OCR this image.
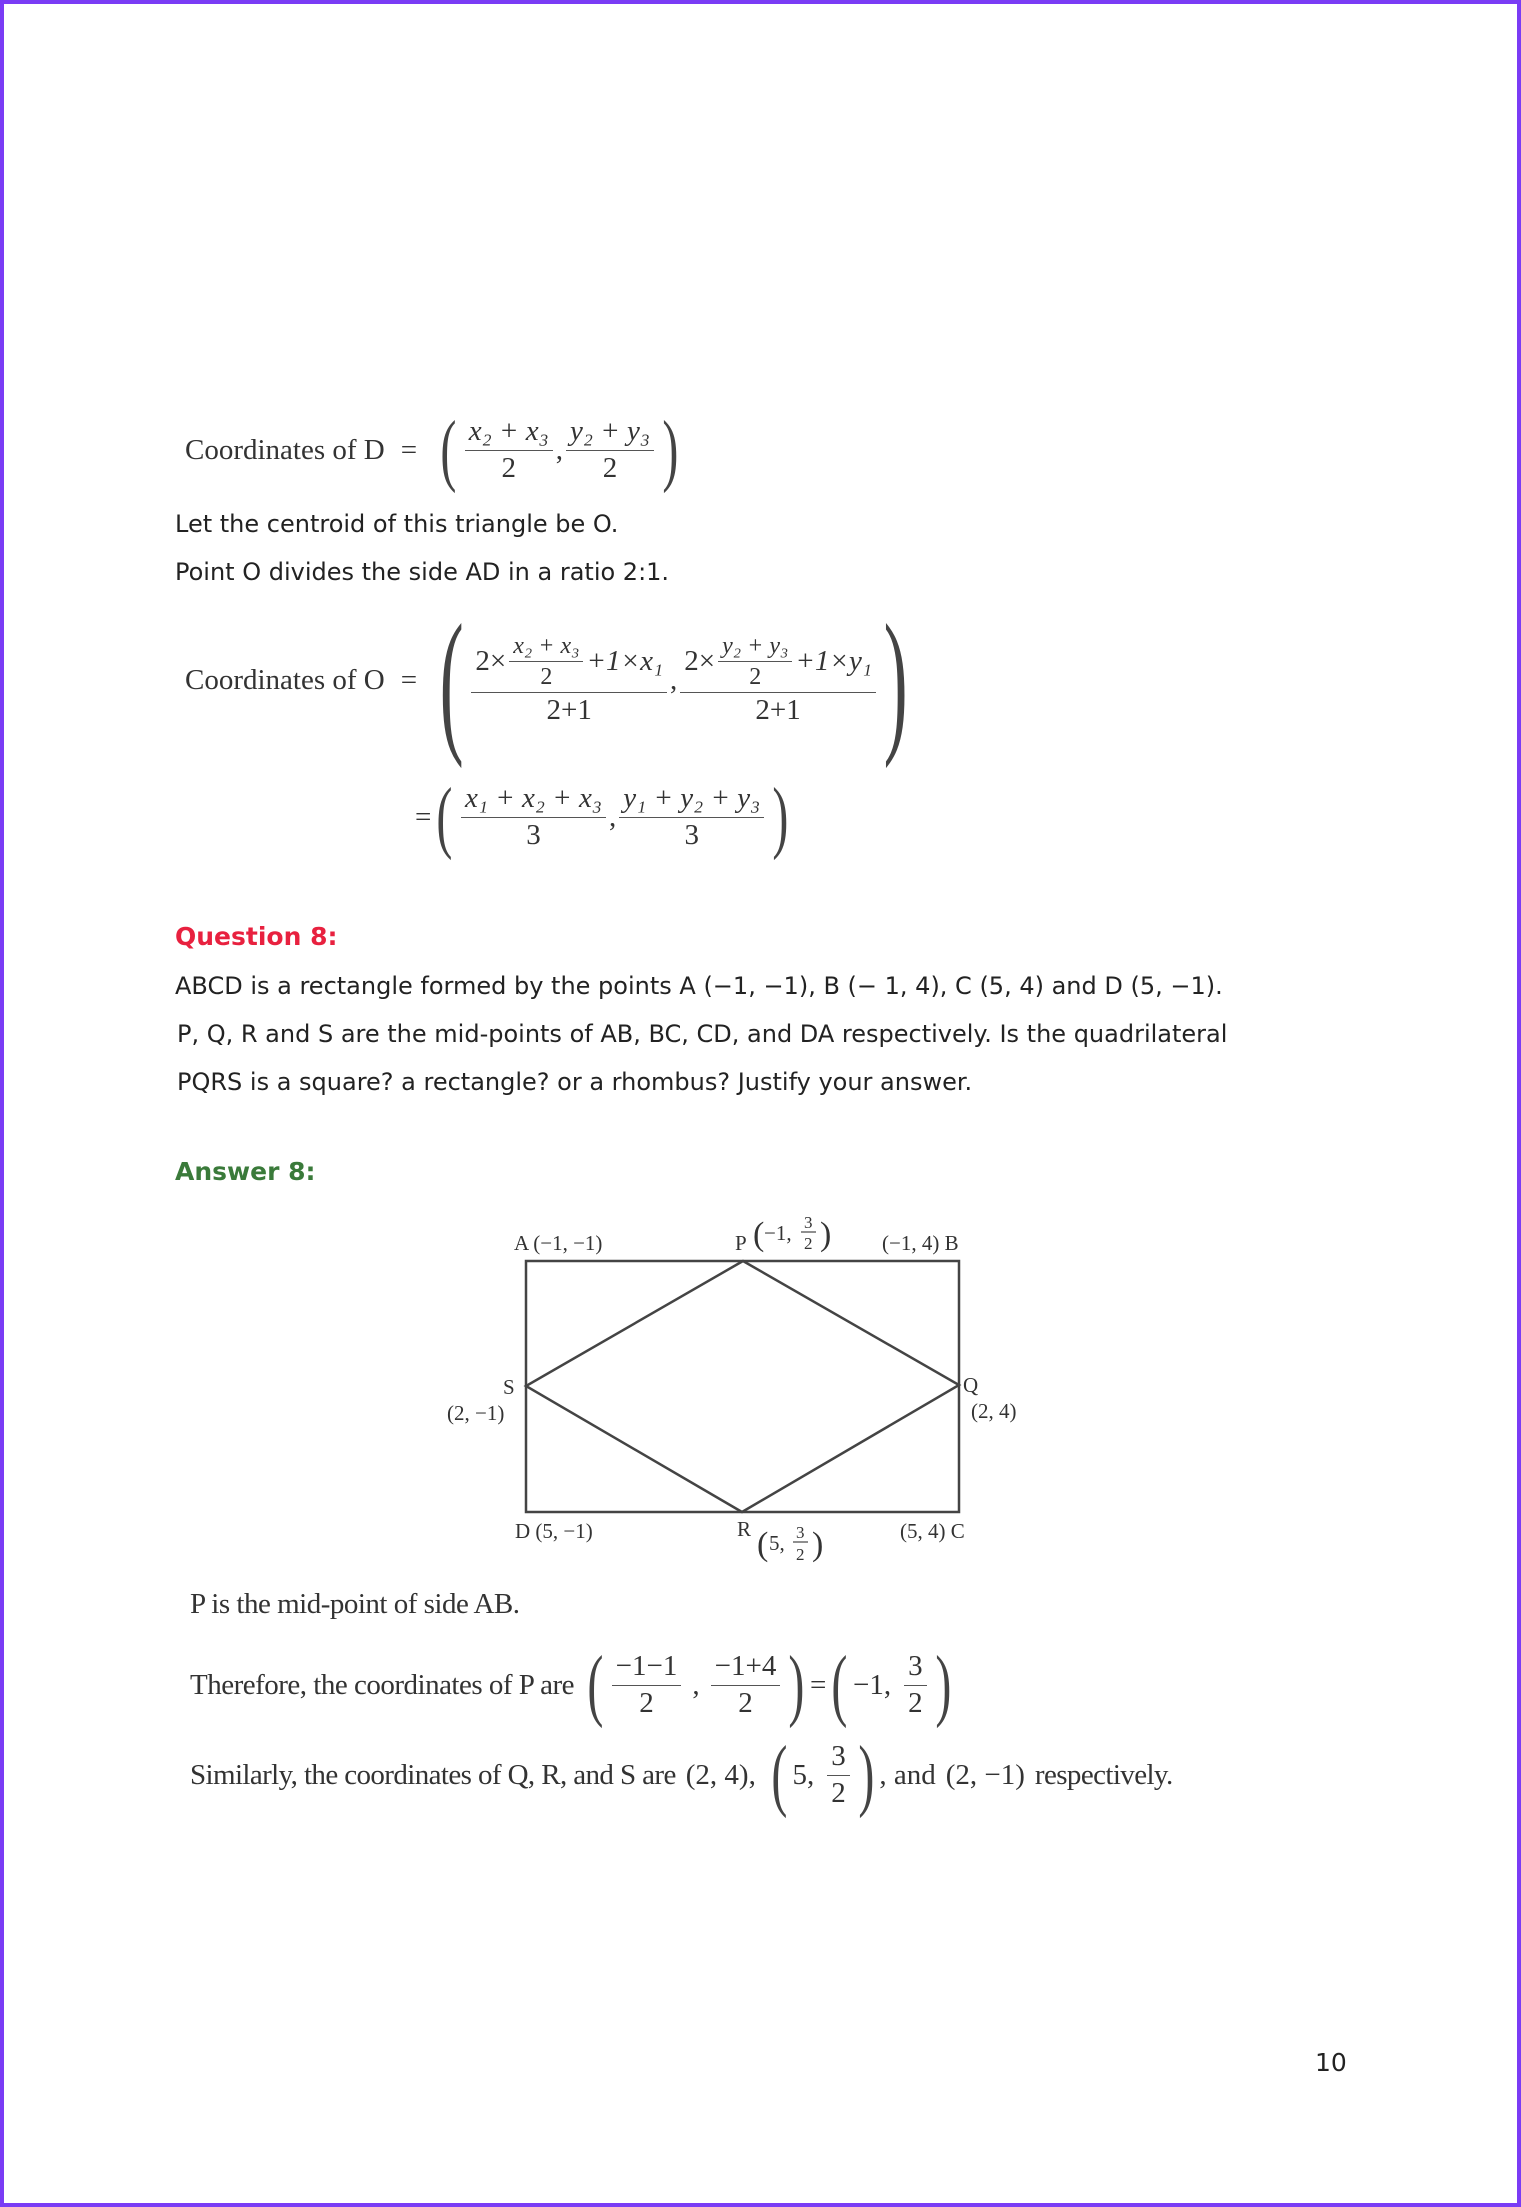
Coordinates of D = ( $\frac{\text{x₂ + x₃}}{2}$ , $\frac{\text{y₂ + y₃}}{2}$ )
Let the centroid of this triangle be O.
Point O divides the side AD in a ratio 2:1.
Coordinates of O = ( $\frac{2\times \frac{\text{x₂ + x₃}}{2} +1\times x_1}{2+1}$ , $\frac{2\times \frac{\text{y₂ + y₃}}{2} +1\times y_1}{2+1}$ )
= ( $\frac{\text{x₁ + x₂ + x₃}}{3}$ , $\frac{\text{y₁ + y₂ + y₃}}{3}$ )
Question 8:
ABCD is a rectangle formed by the points A (−1, −1), B (− 1, 4), C (5, 4) and D (5, −1).
P, Q, R and S are the mid-points of AB, BC, CD, and DA respectively. Is the quadrilateral
PQRS is a square? a rectangle? or a rhombus? Justify your answer.
Answer 8:
A (−1, −1)	(−1, 4) B
P ( −1, 3
2 )
Q
(2, 4)
S
(2, −1)
D (5, −1)	(5, 4) C
R ( 5, 3
2 )
P is the mid-point of side AB.
Therefore, the coordinates of P are ( $\frac{-1-1}{2}$ , $\frac{-1+4}{2}$ ) = ( −1, $\frac{3}{2}$ )
Similarly, the coordinates of Q, R, and S are (2, 4), ( 5, $\frac{3}{2}$ ) , and (2, −1) respectively.
10
